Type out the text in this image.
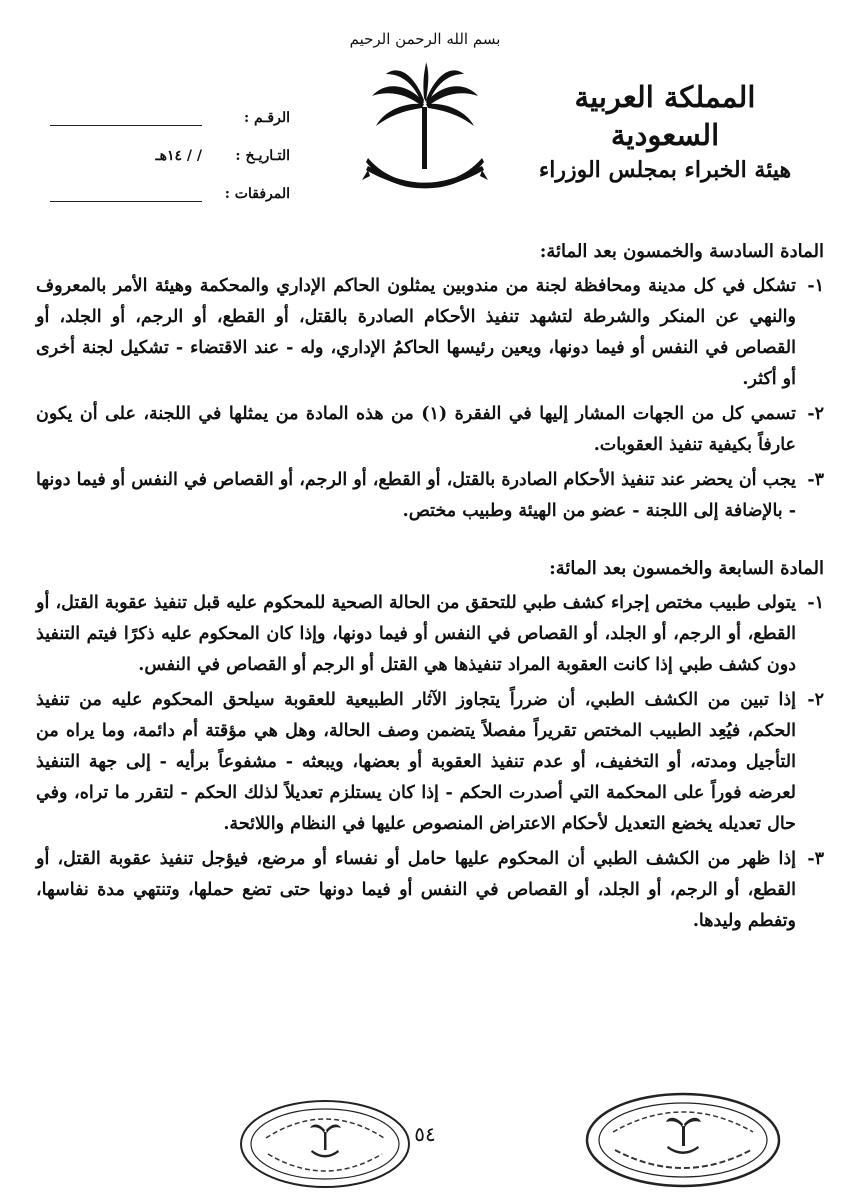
بسم الله الرحمن الرحيم
المملكة العربية السعودية
هيئة الخبراء بمجلس الوزراء
الرقـم :
التـاريـخ :
/ / ١٤هـ
المرفقات :
المادة السادسة والخمسون بعد المائة:
١-
تشكل في كل مدينة ومحافظة لجنة من مندوبين يمثلون الحاكم الإداري والمحكمة وهيئة الأمر بالمعروف والنهي عن المنكر والشرطة لتشهد تنفيذ الأحكام الصادرة بالقتل، أو القطع، أو الرجم، أو الجلد، أو القصاص في النفس أو فيما دونها، ويعين رئيسها الحاكمُ الإداري، وله - عند الاقتضاء - تشكيل لجنة أخرى أو أكثر.
٢-
تسمي كل من الجهات المشار إليها في الفقرة (١) من هذه المادة من يمثلها في اللجنة، على أن يكون عارفاً بكيفية تنفيذ العقوبات.
٣-
يجب أن يحضر عند تنفيذ الأحكام الصادرة بالقتل، أو القطع، أو الرجم، أو القصاص في النفس أو فيما دونها - بالإضافة إلى اللجنة - عضو من الهيئة وطبيب مختص.
المادة السابعة والخمسون بعد المائة:
١-
يتولى طبيب مختص إجراء كشف طبي للتحقق من الحالة الصحية للمحكوم عليه قبل تنفيذ عقوبة القتل، أو القطع، أو الرجم، أو الجلد، أو القصاص في النفس أو فيما دونها، وإذا كان المحكوم عليه ذكرًا فيتم التنفيذ دون كشف طبي إذا كانت العقوبة المراد تنفيذها هي القتل أو الرجم أو القصاص في النفس.
٢-
إذا تبين من الكشف الطبي، أن ضرراً يتجاوز الآثار الطبيعية للعقوبة سيلحق المحكوم عليه من تنفيذ الحكم، فيُعِد الطبيب المختص تقريراً مفصلاً يتضمن وصف الحالة، وهل هي مؤقتة أم دائمة، وما يراه من التأجيل ومدته، أو التخفيف، أو عدم تنفيذ العقوبة أو بعضها، ويبعثه - مشفوعاً برأيه - إلى جهة التنفيذ لعرضه فوراً على المحكمة التي أصدرت الحكم - إذا كان يستلزم تعديلاً لذلك الحكم - لتقرر ما تراه، وفي حال تعديله يخضع التعديل لأحكام الاعتراض المنصوص عليها في النظام واللائحة.
٣-
إذا ظهر من الكشف الطبي أن المحكوم عليها حامل أو نفساء أو مرضع، فيؤجل تنفيذ عقوبة القتل، أو القطع، أو الرجم، أو الجلد، أو القصاص في النفس أو فيما دونها حتى تضع حملها، وتنتهي مدة نفاسها، وتفطم وليدها.
٥٤
